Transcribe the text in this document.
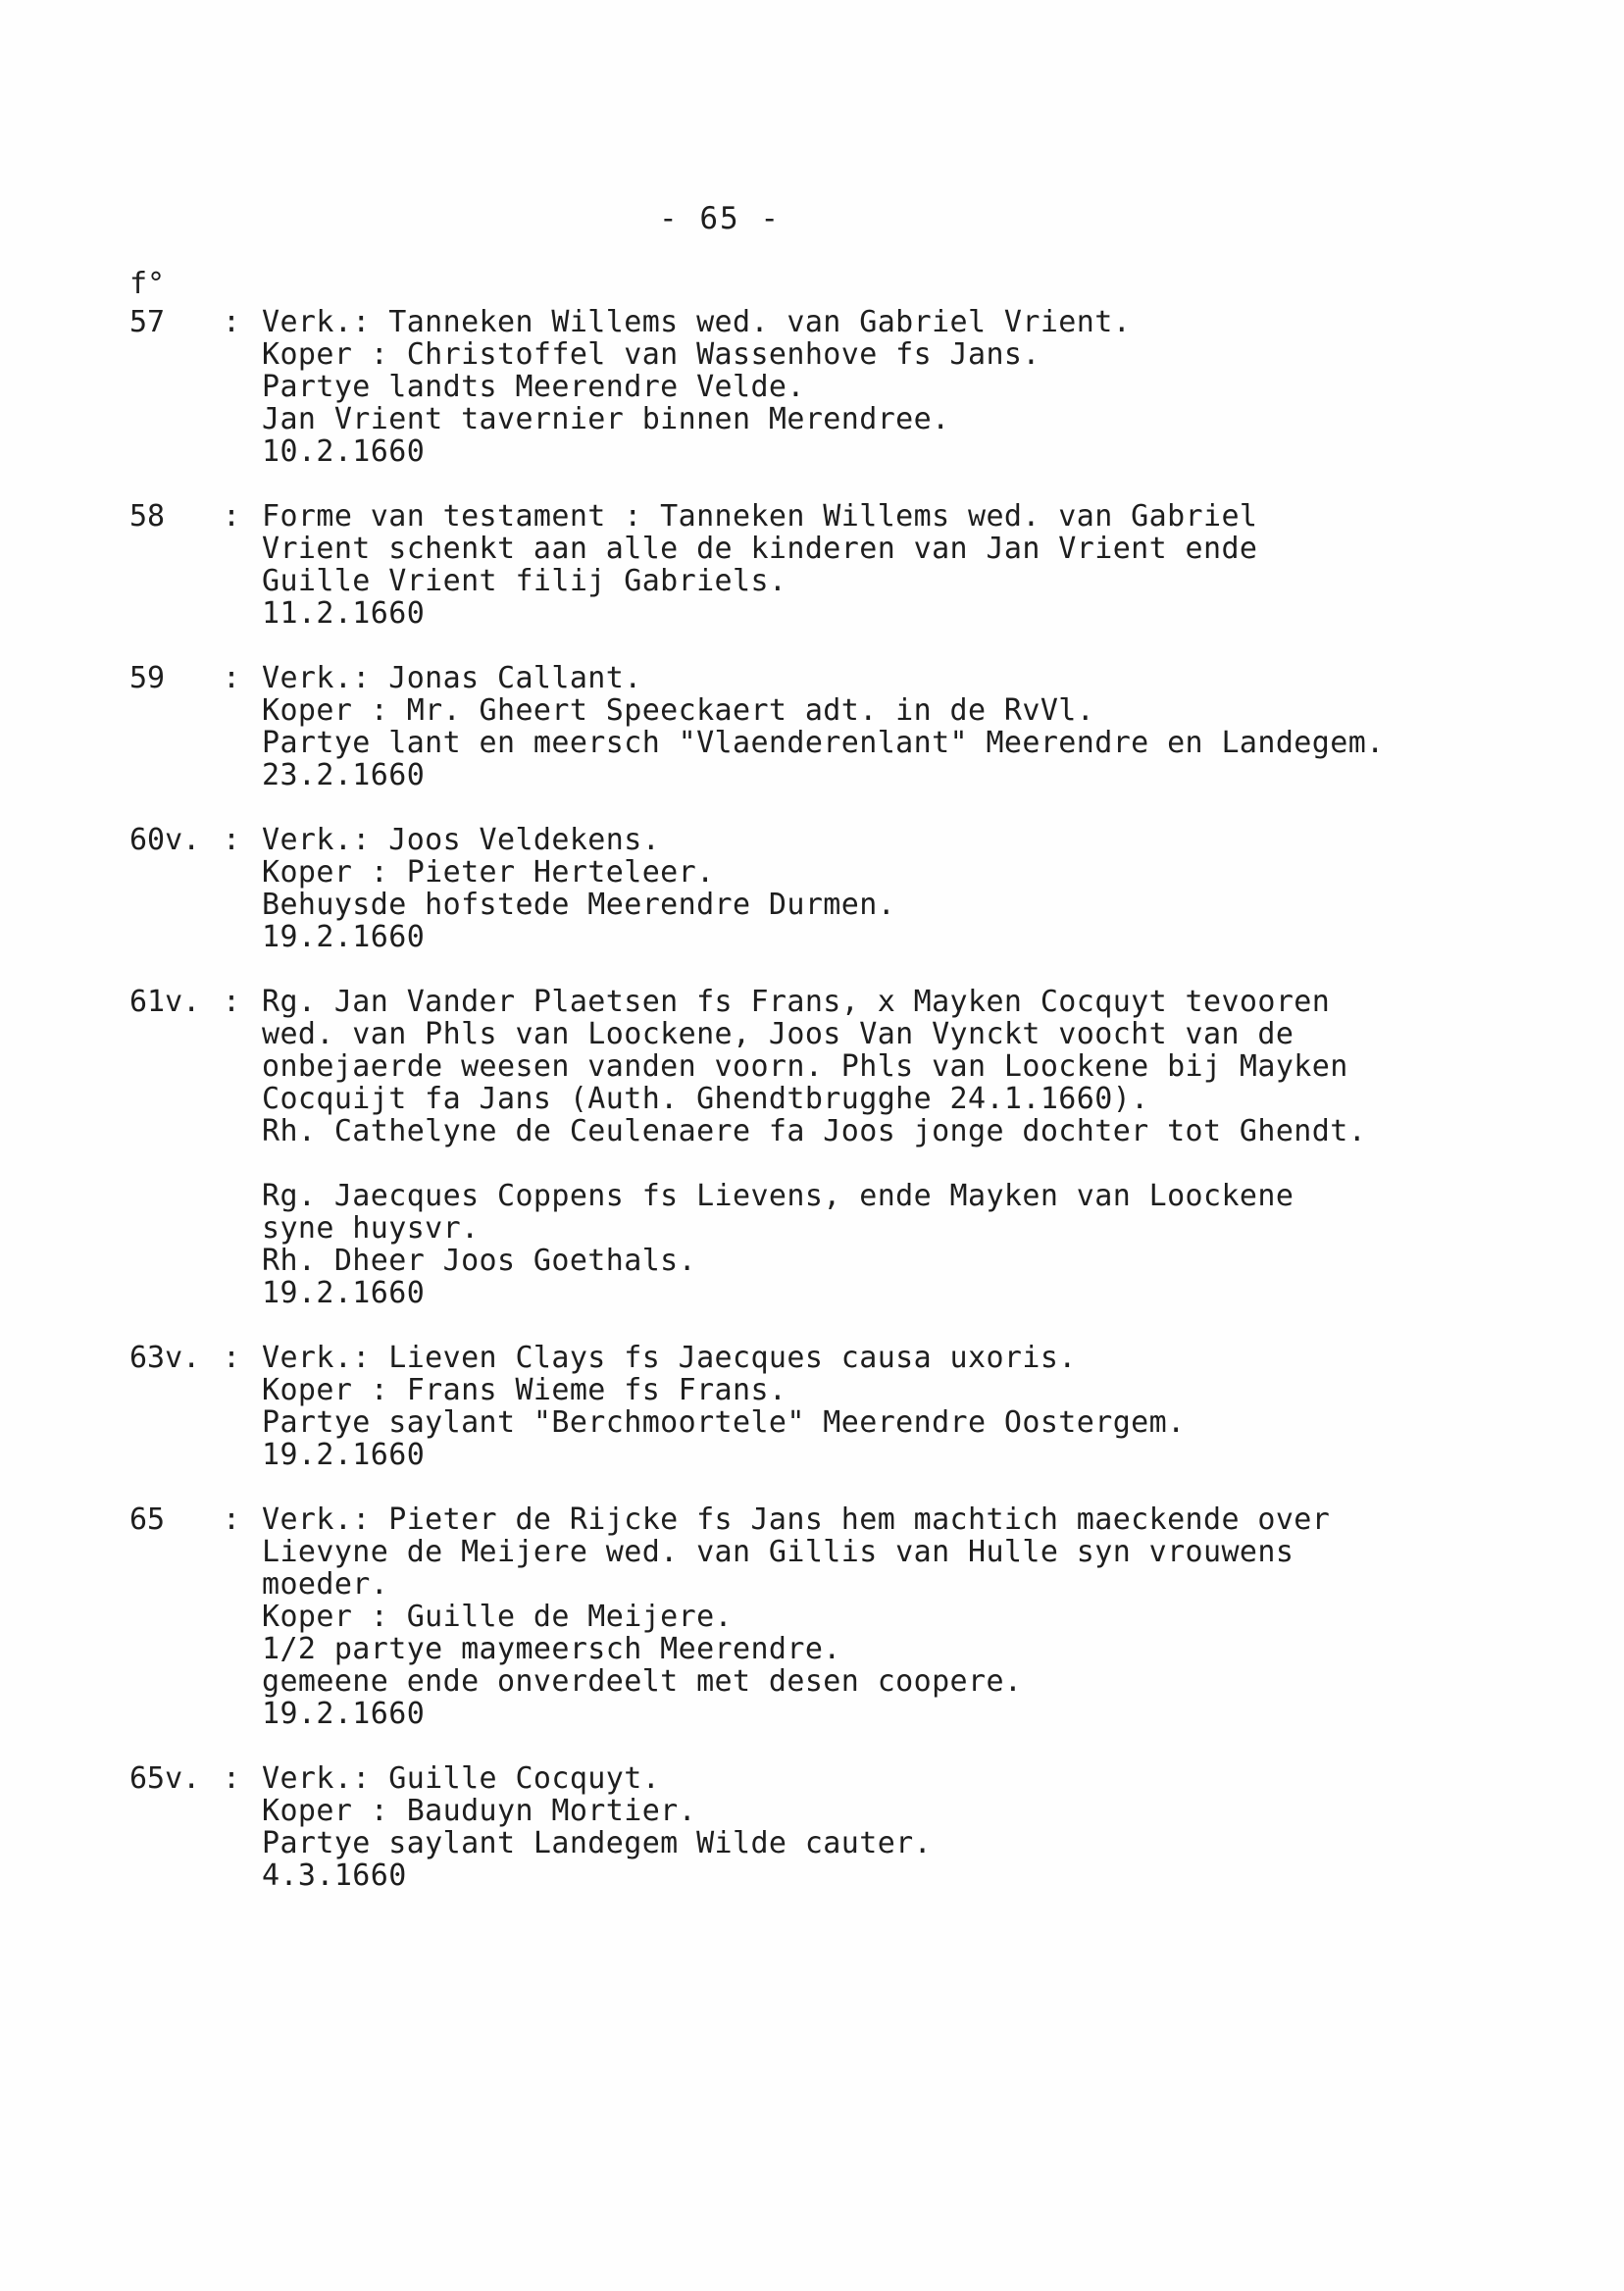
- 65 -
f°
57	: Verk.: Tanneken Willems wed. van Gabriel Vrient.
Koper : Christoffel van Wassenhove fs Jans.
Partye landts Meerendre Velde.
Jan Vrient tavernier binnen Merendree.
10.2.1660
58	: Forme van testament : Tanneken Willems wed. van Gabriel
Vrient schenkt aan alle de kinderen van Jan Vrient ende
Guille Vrient filij Gabriels.
11.2.1660
59	: Verk.: Jonas Callant.
Koper : Mr. Gheert Speeckaert adt. in de RvVl.
Partye lant en meersch "Vlaenderenlant" Meerendre en Landegem.
23.2.1660
60v. : Verk.: Joos Veldekens.
Koper : Pieter Herteleer.
Behuysde hofstede Meerendre Durmen.
19.2.1660
61v. : Rg. Jan Vander Plaetsen fs Frans, x Mayken Cocquyt tevooren
wed. van Phls van Loockene, Joos Van Vynckt voocht van de
onbejaerde weesen vanden voorn. Phls van Loockene bij Mayken
Cocquijt fa Jans (Auth. Ghendtbrugghe 24.1.1660).
Rh. Cathelyne de Ceulenaere fa Joos jonge dochter tot Ghendt.
Rg. Jaecques Coppens fs Lievens, ende Mayken van Loockene
syne huysvr.
Rh. Dheer Joos Goethals.
19.2.1660
63v. : Verk.: Lieven Clays fs Jaecques causa uxoris.
Koper : Frans Wieme fs Frans.
Partye saylant "Berchmoortele" Meerendre Oostergem.
19.2.1660
65	: Verk.: Pieter de Rijcke fs Jans hem machtich maeckende over
Lievyne de Meijere wed. van Gillis van Hulle syn vrouwens
moeder.
Koper : Guille de Meijere.
1/2 partye maymeersch Meerendre.
gemeene ende onverdeelt met desen coopere.
19.2.1660
65v. : Verk.: Guille Cocquyt.
Koper : Bauduyn Mortier.
Partye saylant Landegem Wilde cauter.
4.3.1660
